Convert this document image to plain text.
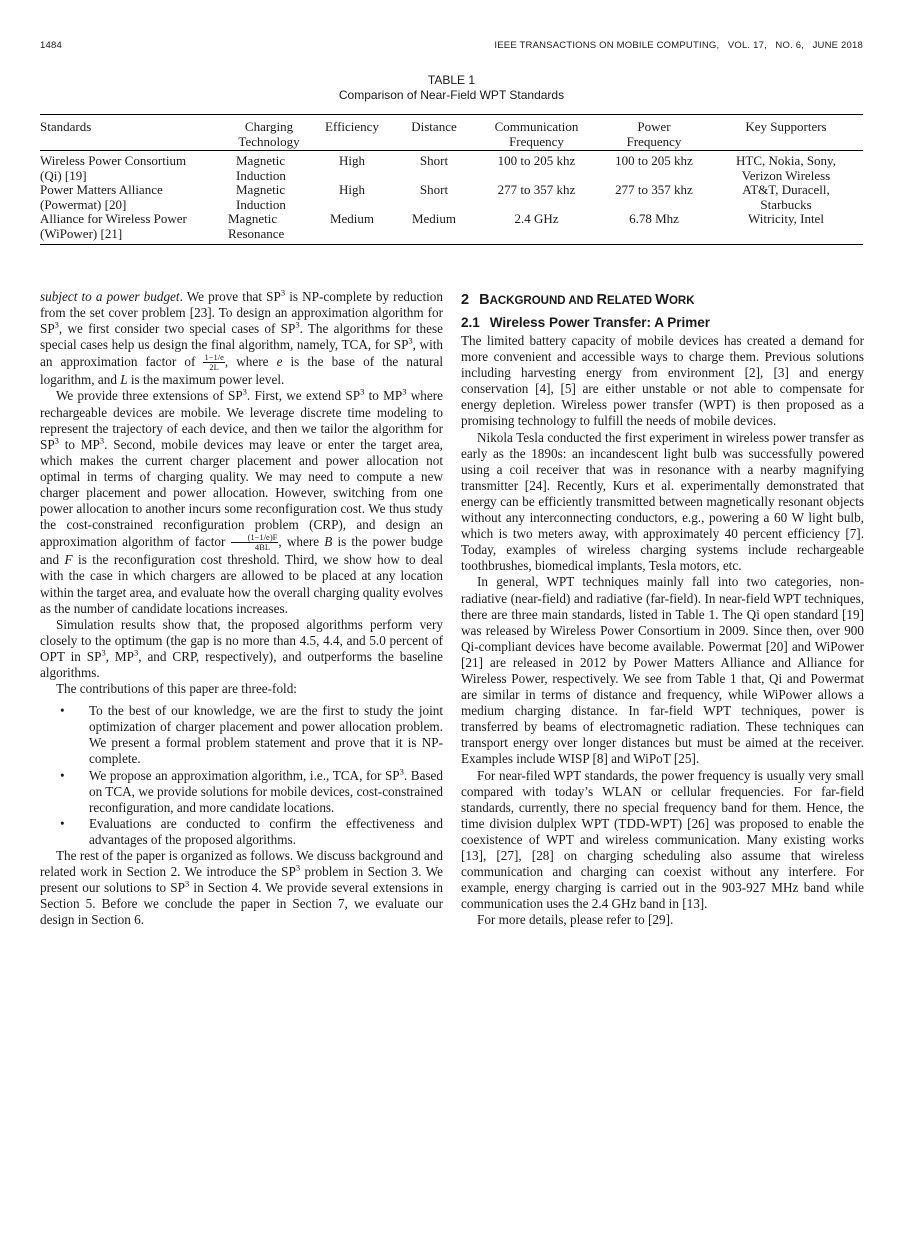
1484	IEEE TRANSACTIONS ON MOBILE COMPUTING,   VOL. 17,   NO. 6,   JUNE 2018
TABLE 1
Comparison of Near-Field WPT Standards
Standards	Charging Technology	Efficiency	Distance	Communication Frequency	Power Frequency	Key Supporters
Wireless Power Consortium (Qi) [19]	Magnetic Induction	High	Short	100 to 205 khz	100 to 205 khz	HTC, Nokia, Sony, Verizon Wireless
Power Matters Alliance (Powermat) [20]	Magnetic Induction	High	Short	277 to 357 khz	277 to 357 khz	AT&T, Duracell, Starbucks
Alliance for Wireless Power (WiPower) [21]	Magnetic Resonance	Medium	Medium	2.4 GHz	6.78 Mhz	Witricity, Intel

subject to a power budget. We prove that $SP^3$ is NP-complete by reduction from the set cover problem [23]. To design an approximation algorithm for $SP^3$, we first consider two special cases of $SP^3$. The algorithms for these special cases help us design the final algorithm, namely, TCA, for $SP^3$, with an approximation factor of $\frac{1-1/e}{2L}$ , where e is the base of the natural logarithm, and L is the maximum power level.

We provide three extensions of $SP^3$. First, we extend $SP^3$ to $MP^3$ where rechargeable devices are mobile. We leverage discrete time modeling to represent the trajectory of each device, and then we tailor the algorithm for $SP^3$ to $MP^3$. Second, mobile devices may leave or enter the target area, which makes the current charger placement and power allocation not optimal in terms of charging quality. We may need to compute a new charger placement and power allocation. However, switching from one power allocation to another incurs some reconfiguration cost. We thus study the cost-constrained reconfiguration problem (CRP), and design an approximation algorithm of factor $\frac{(1-1/e)F}{4BL}$ , where B is the power budge and F is the reconfiguration cost threshold. Third, we show how to deal with the case in which chargers are allowed to be placed at any location within the target area, and evaluate how the overall charging quality evolves as the number of candidate locations increases.

Simulation results show that, the proposed algorithms perform very closely to the optimum (the gap is no more than 4.5, 4.4, and 5.0 percent of OPT in $SP^3$, $MP^3$, and CRP, respectively), and outperforms the baseline algorithms.

The contributions of this paper are three-fold:

• To the best of our knowledge, we are the first to study the joint optimization of charger placement and power allocation problem. We present a formal problem statement and prove that it is NP-complete.
• We propose an approximation algorithm, i.e., TCA, for $SP^3$. Based on TCA, we provide solutions for mobile devices, cost-constrained reconfiguration, and more candidate locations.
• Evaluations are conducted to confirm the effectiveness and advantages of the proposed algorithms.

The rest of the paper is organized as follows. We discuss background and related work in Section 2. We introduce the $SP^3$ problem in Section 3. We present our solutions to $SP^3$ in Section 4. We provide several extensions in Section 5. Before we conclude the paper in Section 7, we evaluate our design in Section 6.

2 BACKGROUND AND RELATED WORK
2.1 Wireless Power Transfer: A Primer

The limited battery capacity of mobile devices has created a demand for more convenient and accessible ways to charge them. Previous solutions including harvesting energy from environment [2], [3] and energy conservation [4], [5] are either unstable or not able to compensate for energy depletion. Wireless power transfer (WPT) is then proposed as a promising technology to fulfill the needs of mobile devices.

Nikola Tesla conducted the first experiment in wireless power transfer as early as the 1890s: an incandescent light bulb was successfully powered using a coil receiver that was in resonance with a nearby magnifying transmitter [24]. Recently, Kurs et al. experimentally demonstrated that energy can be efficiently transmitted between magnetically resonant objects without any interconnecting conductors, e.g., powering a 60 W light bulb, which is two meters away, with approximately 40 percent efficiency [7]. Today, examples of wireless charging systems include rechargeable toothbrushes, biomedical implants, Tesla motors, etc.

In general, WPT techniques mainly fall into two categories, non-radiative (near-field) and radiative (far-field). In near-field WPT techniques, there are three main standards, listed in Table 1. The Qi open standard [19] was released by Wireless Power Consortium in 2009. Since then, over 900 Qi-compliant devices have become available. Powermat [20] and WiPower [21] are released in 2012 by Power Matters Alliance and Alliance for Wireless Power, respectively. We see from Table 1 that, Qi and Powermat are similar in terms of distance and frequency, while WiPower allows a medium charging distance. In far-field WPT techniques, power is transferred by beams of electromagnetic radiation. These techniques can transport energy over longer distances but must be aimed at the receiver. Examples include WISP [8] and WiPoT [25].

For near-filed WPT standards, the power frequency is usually very small compared with today’s WLAN or cellular frequencies. For far-field standards, currently, there no special frequency band for them. Hence, the time division dulplex WPT (TDD-WPT) [26] was proposed to enable the coexistence of WPT and wireless communication. Many existing works [13], [27], [28] on charging scheduling also assume that wireless communication and charging can coexist without any interfere. For example, energy charging is carried out in the 903-927 MHz band while communication uses the 2.4 GHz band in [13].

For more details, please refer to [29].
